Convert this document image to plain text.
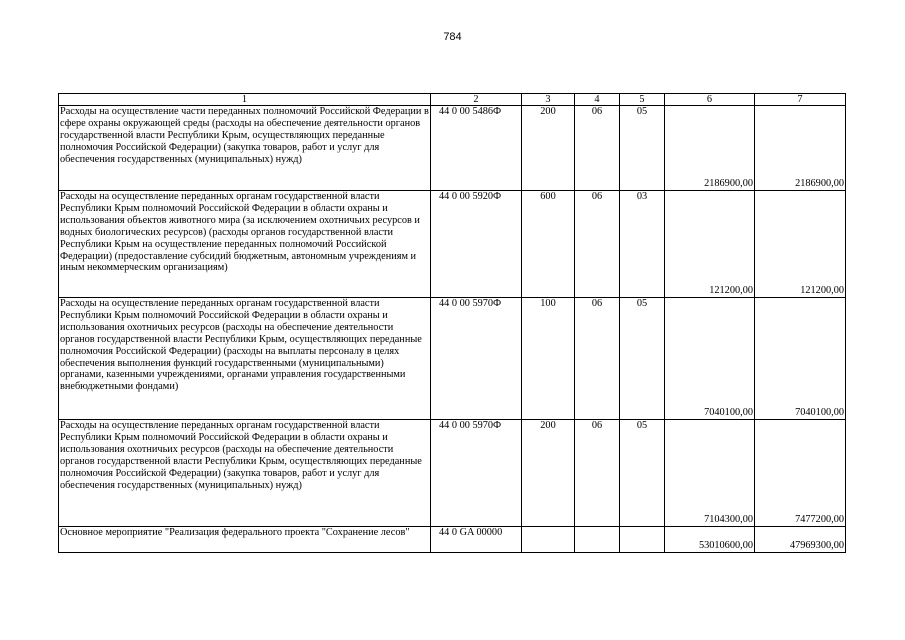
784
1	2	3	4	5	6	7
Расходы на осуществление части переданных полномочий Российской Федерации в сфере охраны окружающей среды (расходы на обеспечение деятельности органов государственной власти Республики Крым, осуществляющих переданные полномочия Российской Федерации) (закупка товаров, работ и услуг для обеспечения государственных (муниципальных) нужд)	44 0 00 5486Ф	200	06	05	2186900,00	2186900,00
Расходы на осуществление переданных органам государственной власти Республики Крым полномочий Российской Федерации в области охраны и использования объектов животного мира (за исключением охотничьих ресурсов и водных биологических ресурсов) (расходы органов государственной власти Республики Крым на осуществление переданных полномочий Российской Федерации) (предоставление субсидий бюджетным, автономным учреждениям и иным некоммерческим организациям)	44 0 00 5920Ф	600	06	03	121200,00	121200,00
Расходы на осуществление переданных органам государственной власти Республики Крым полномочий Российской Федерации в области охраны и использования охотничьих ресурсов (расходы на обеспечение деятельности органов государственной власти Республики Крым, осуществляющих переданные полномочия Российской Федерации) (расходы на выплаты персоналу в целях обеспечения выполнения функций государственными (муниципальными) органами, казенными учреждениями, органами управления государственными внебюджетными фондами)	44 0 00 5970Ф	100	06	05	7040100,00	7040100,00
Расходы на осуществление переданных органам государственной власти Республики Крым полномочий Российской Федерации в области охраны и использования охотничьих ресурсов (расходы на обеспечение деятельности органов государственной власти Республики Крым, осуществляющих переданные полномочия Российской Федерации) (закупка товаров, работ и услуг для обеспечения государственных (муниципальных) нужд)	44 0 00 5970Ф	200	06	05	7104300,00	7477200,00
Основное мероприятие "Реализация федерального проекта "Сохранение лесов"	44 0 GA 00000				53010600,00	47969300,00
